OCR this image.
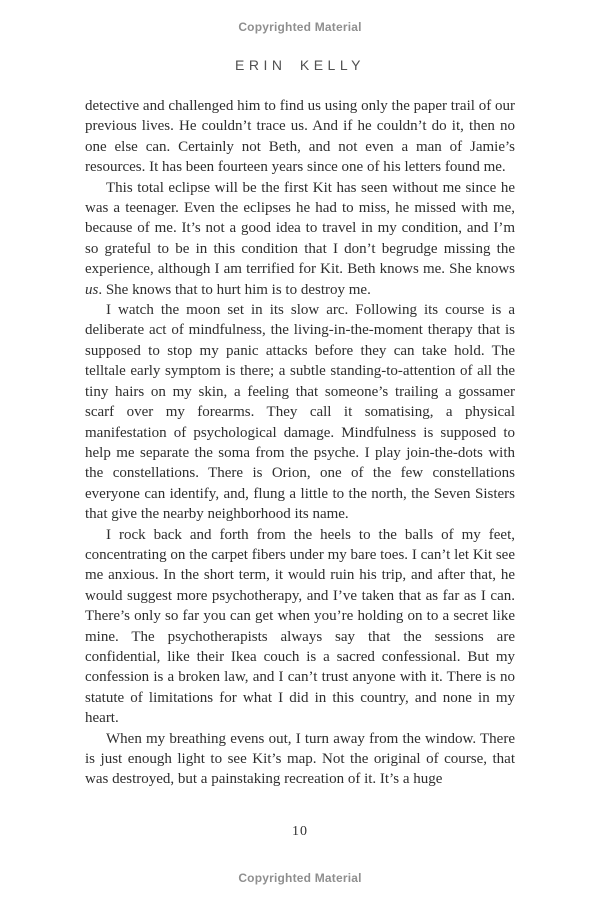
Copyrighted Material
ERIN KELLY

detective and challenged him to find us using only the paper trail of our previous lives. He couldn’t trace us. And if he couldn’t do it, then no one else can. Certainly not Beth, and not even a man of Jamie’s resources. It has been fourteen years since one of his letters found me.

This total eclipse will be the first Kit has seen without me since he was a teenager. Even the eclipses he had to miss, he missed with me, because of me. It’s not a good idea to travel in my condition, and I’m so grateful to be in this condition that I don’t begrudge missing the experience, although I am terrified for Kit. Beth knows me. She knows us. She knows that to hurt him is to destroy me.

I watch the moon set in its slow arc. Following its course is a deliberate act of mindfulness, the living-in-the-moment therapy that is supposed to stop my panic attacks before they can take hold. The telltale early symptom is there; a subtle standing-to-attention of all the tiny hairs on my skin, a feeling that someone’s trailing a gossamer scarf over my forearms. They call it somatising, a physical manifestation of psychological damage. Mindfulness is supposed to help me separate the soma from the psyche. I play join-the-dots with the constellations. There is Orion, one of the few constellations everyone can identify, and, flung a little to the north, the Seven Sisters that give the nearby neighborhood its name.

I rock back and forth from the heels to the balls of my feet, concentrating on the carpet fibers under my bare toes. I can’t let Kit see me anxious. In the short term, it would ruin his trip, and after that, he would suggest more psychotherapy, and I’ve taken that as far as I can. There’s only so far you can get when you’re holding on to a secret like mine. The psychotherapists always say that the sessions are confidential, like their Ikea couch is a sacred confessional. But my confession is a broken law, and I can’t trust anyone with it. There is no statute of limitations for what I did in this country, and none in my heart.

When my breathing evens out, I turn away from the window. There is just enough light to see Kit’s map. Not the original of course, that was destroyed, but a painstaking recreation of it. It’s a huge

10
Copyrighted Material
